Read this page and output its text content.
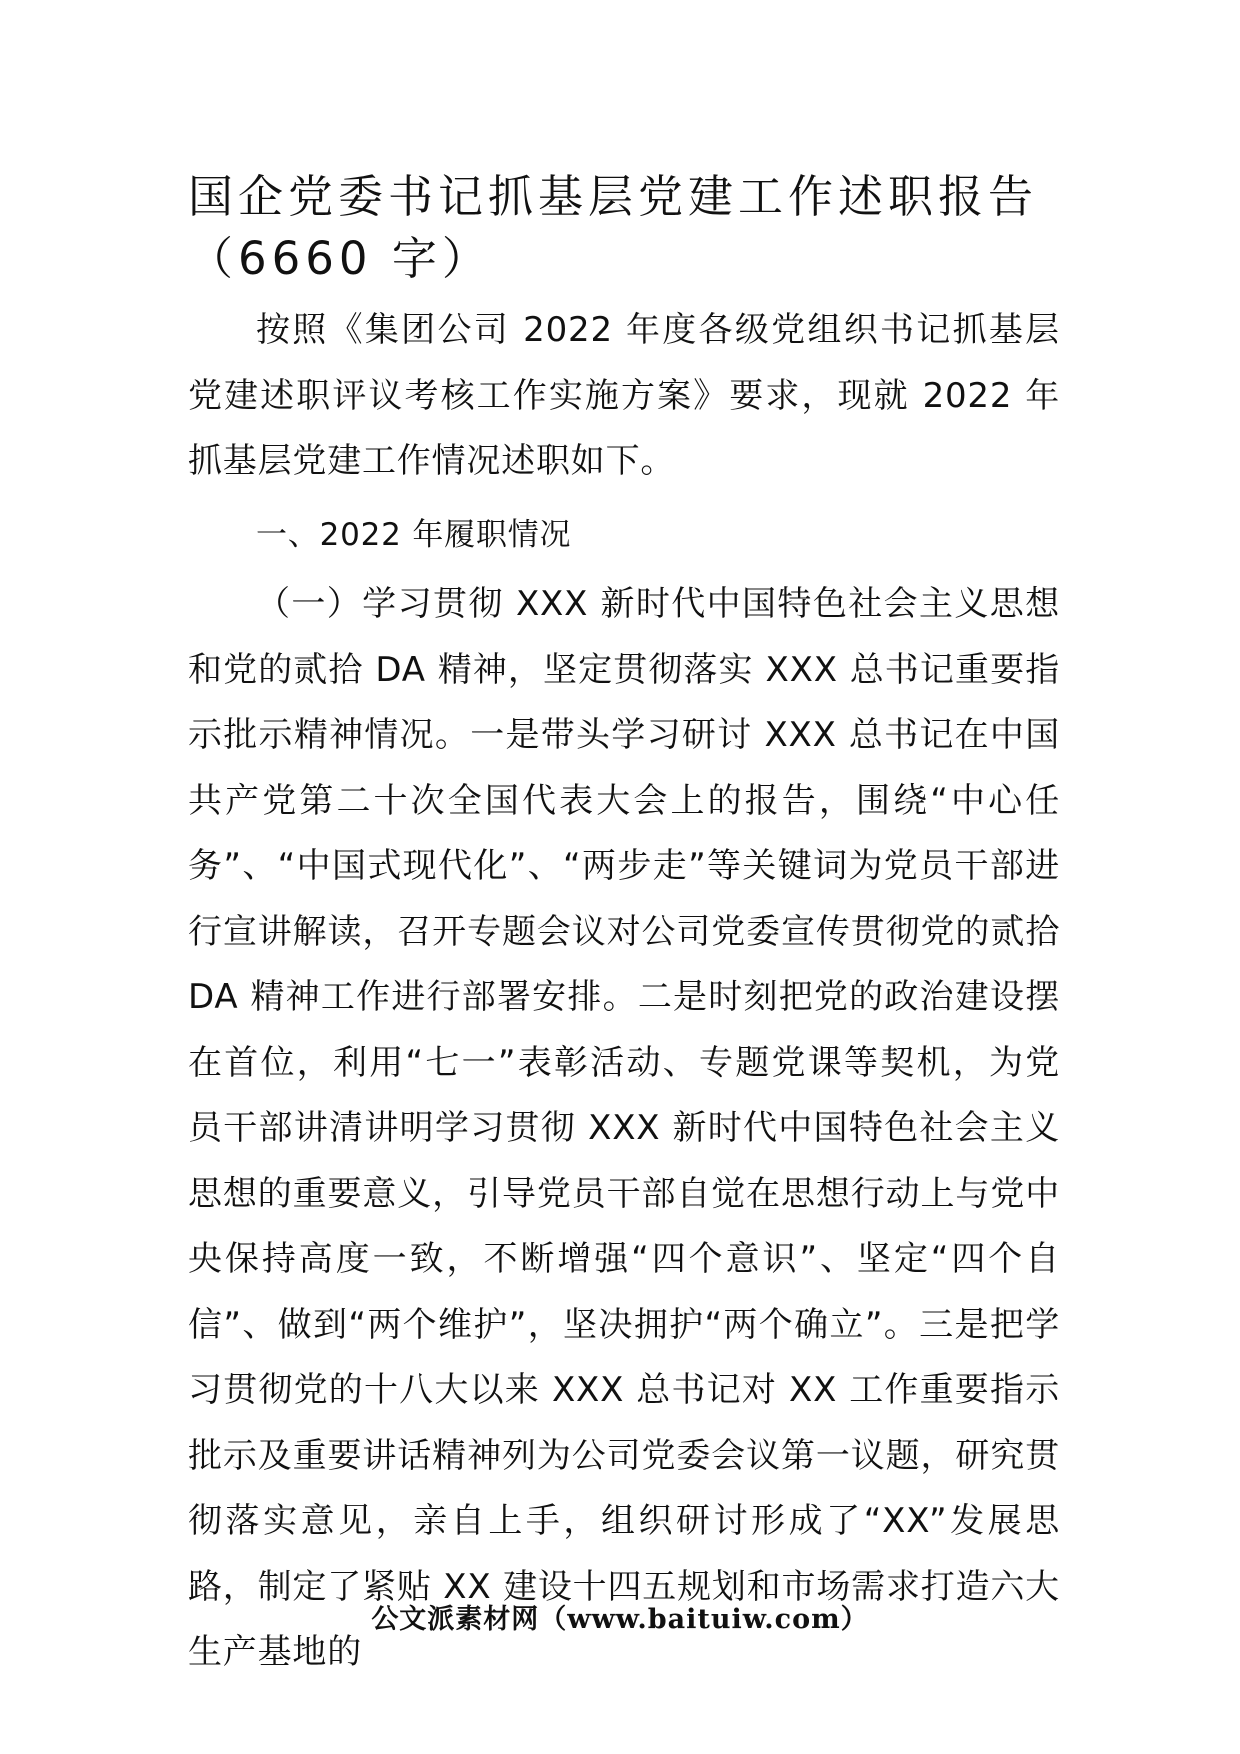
国企党委书记抓基层党建工作述职报告
（6660 字）

按照《集团公司 2022 年度各级党组织书记抓基层党建述职评议考核工作实施方案》要求，现就 2022 年抓基层党建工作情况述职如下。

一、2022 年履职情况

（一）学习贯彻 XXX 新时代中国特色社会主义思想和党的贰拾 DA 精神，坚定贯彻落实 XXX 总书记重要指示批示精神情况。一是带头学习研讨 XXX 总书记在中国共产党第二十次全国代表大会上的报告，围绕“中心任务”、“中国式现代化”、“两步走”等关键词为党员干部进行宣讲解读，召开专题会议对公司党委宣传贯彻党的贰拾 DA 精神工作进行部署安排。二是时刻把党的政治建设摆在首位，利用“七一”表彰活动、专题党课等契机，为党员干部讲清讲明学习贯彻 XXX 新时代中国特色社会主义思想的重要意义，引导党员干部自觉在思想行动上与党中央保持高度一致，不断增强“四个意识”、坚定“四个自信”、做到“两个维护”，坚决拥护“两个确立”。三是把学习贯彻党的十八大以来 XXX 总书记对 XX 工作重要指示批示及重要讲话精神列为公司党委会议第一议题，研究贯彻落实意见，亲自上手，组织研讨形成了“XX”发展思路，制定了紧贴 XX 建设十四五规划和市场需求打造六大生产基地的

公文派素材网（www.baituiw.com）
